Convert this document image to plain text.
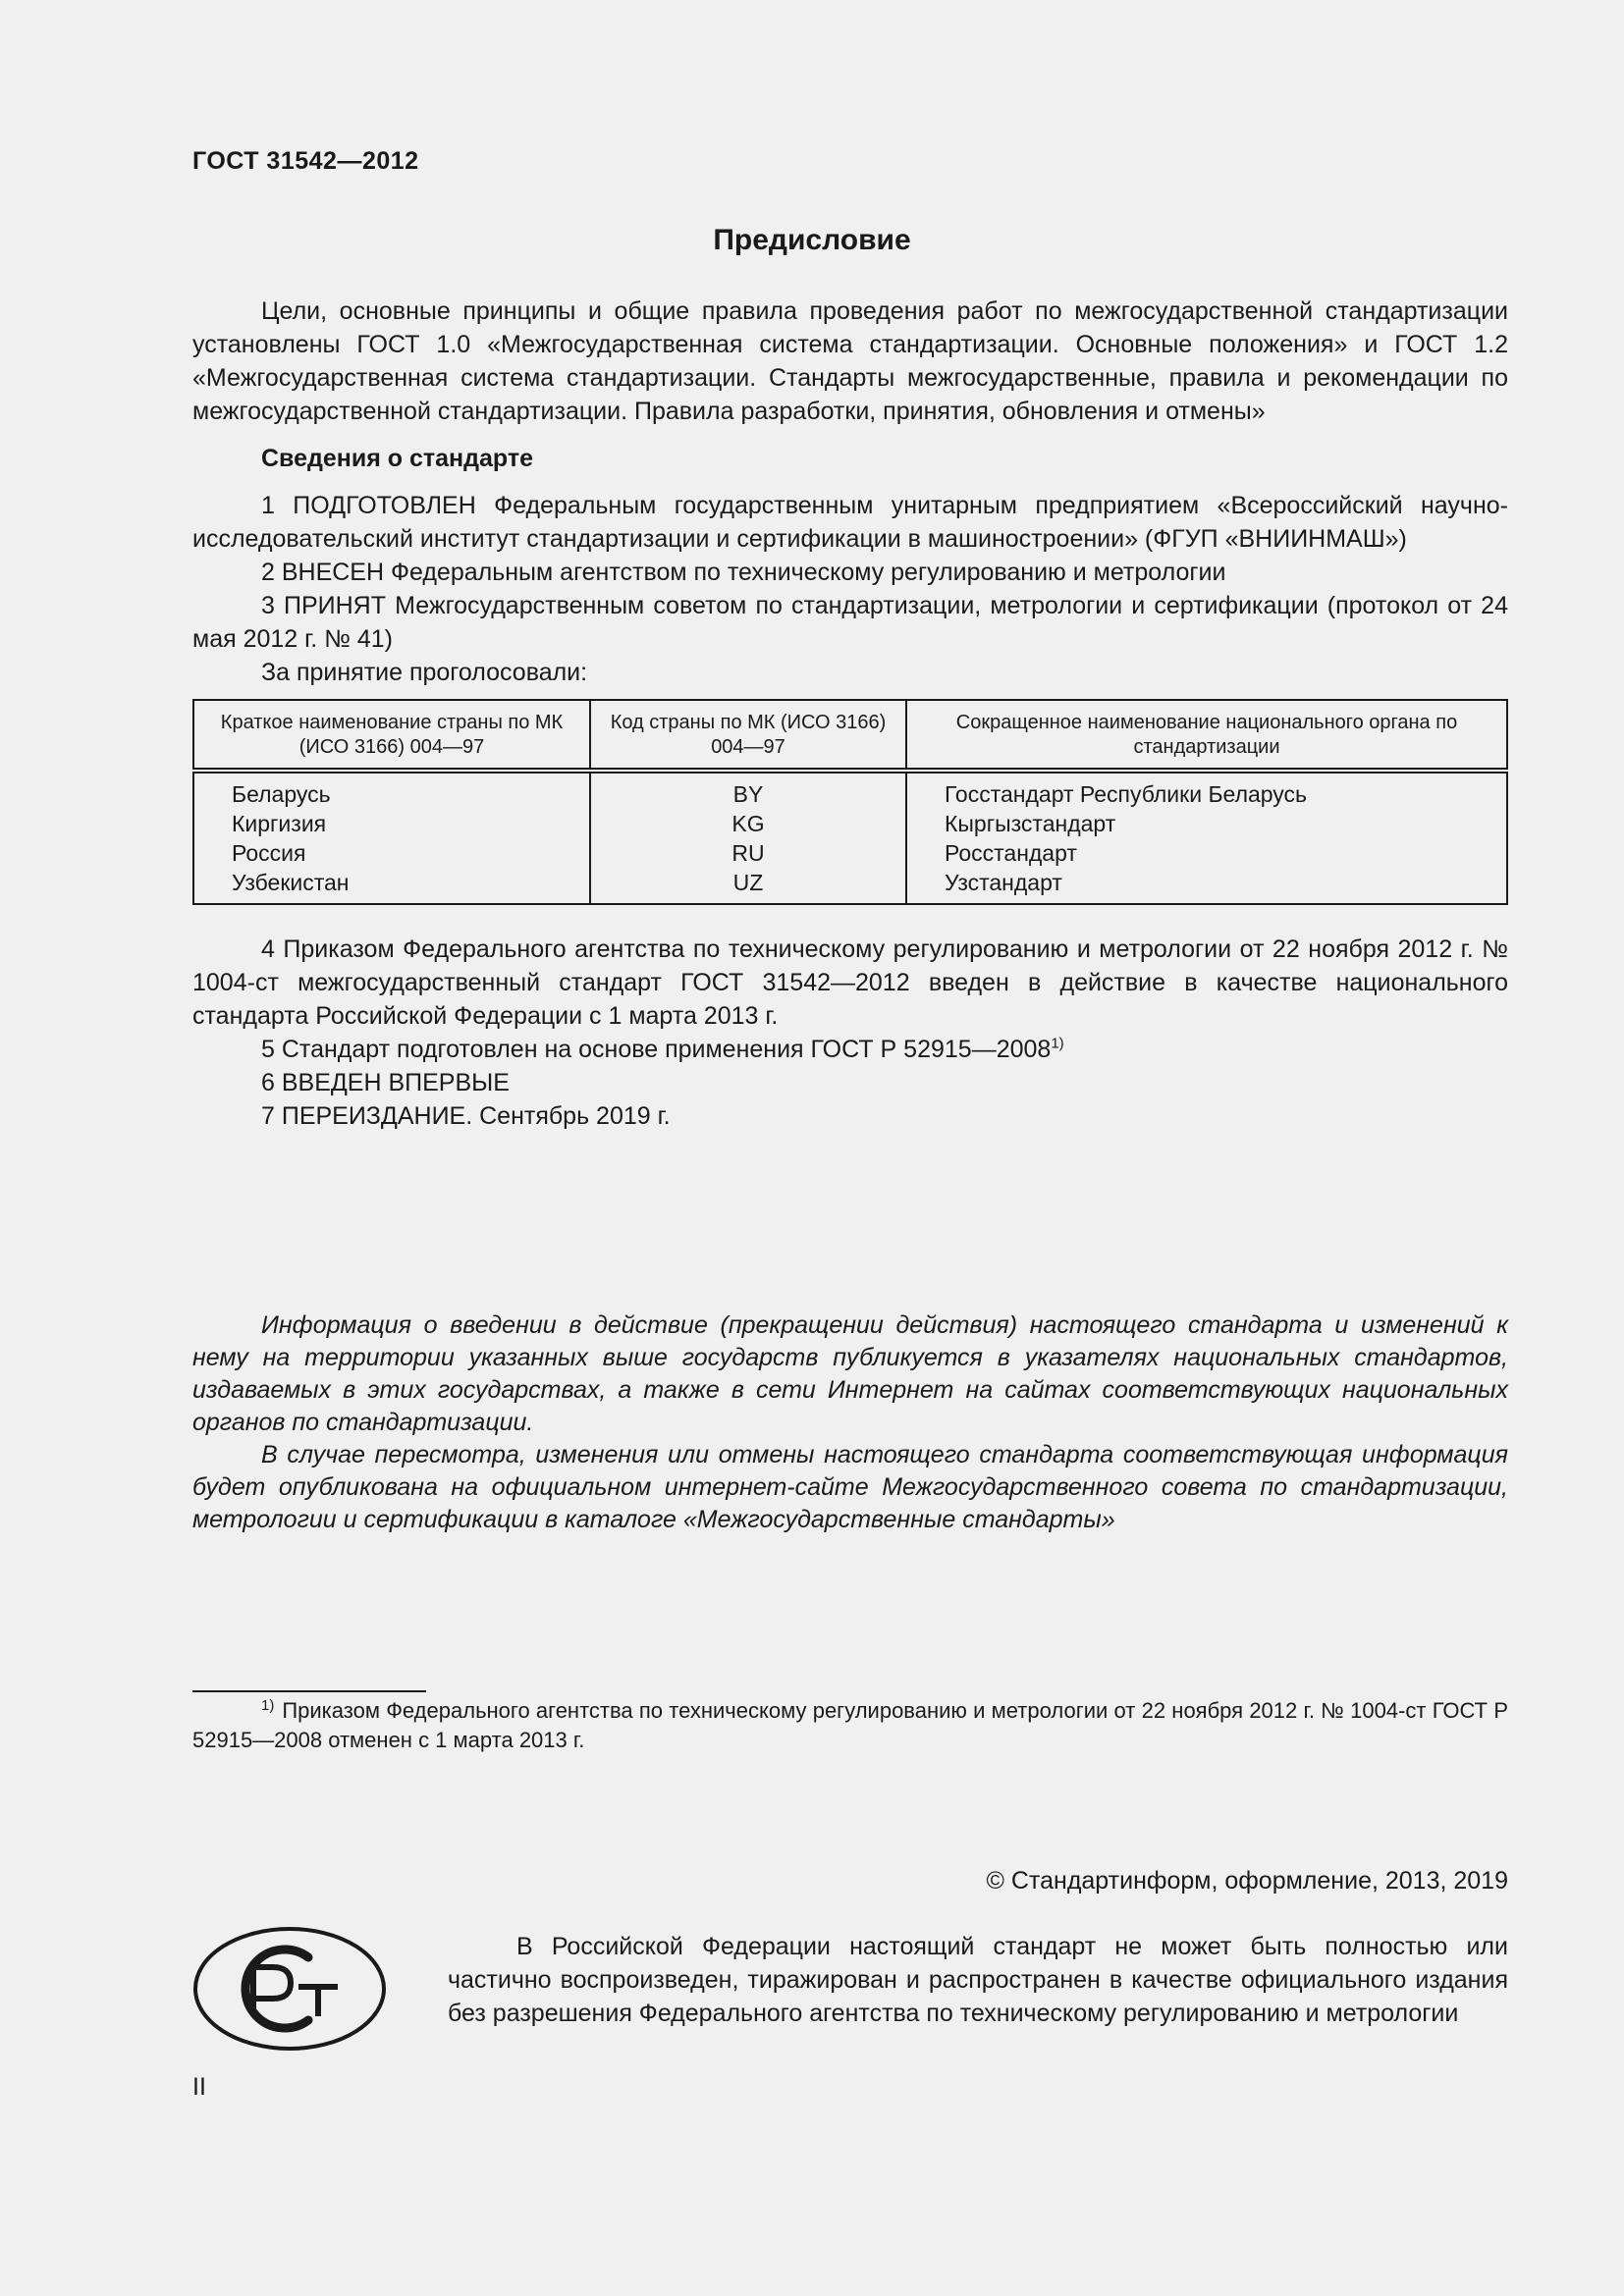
ГОСТ 31542—2012
Предисловие

Цели, основные принципы и общие правила проведения работ по межгосударственной стандартизации установлены ГОСТ 1.0 «Межгосударственная система стандартизации. Основные положения» и ГОСТ 1.2 «Межгосударственная система стандартизации. Стандарты межгосударственные, правила и рекомендации по межгосударственной стандартизации. Правила разработки, принятия, обновления и отмены»

Сведения о стандарте

1 ПОДГОТОВЛЕН Федеральным государственным унитарным предприятием «Всероссийский научно-исследовательский институт стандартизации и сертификации в машиностроении» (ФГУП «ВНИИНМАШ»)

2 ВНЕСЕН Федеральным агентством по техническому регулированию и метрологии

3 ПРИНЯТ Межгосударственным советом по стандартизации, метрологии и сертификации (протокол от 24 мая 2012 г. № 41)

За принятие проголосовали:

Краткое наименование страны по МК (ИСО 3166) 004—97	Код страны по МК (ИСО 3166) 004—97	Сокращенное наименование национального органа по стандартизации
Беларусь	BY	Госстандарт Республики Беларусь
Киргизия	KG	Кыргызстандарт
Россия	RU	Росстандарт
Узбекистан	UZ	Узстандарт

4 Приказом Федерального агентства по техническому регулированию и метрологии от 22 ноября 2012 г. № 1004-ст межгосударственный стандарт ГОСТ 31542—2012 введен в действие в качестве национального стандарта Российской Федерации с 1 марта 2013 г.

5 Стандарт подготовлен на основе применения ГОСТ Р 52915—2008$^{1)}$

6 ВВЕДЕН ВПЕРВЫЕ

7 ПЕРЕИЗДАНИЕ. Сентябрь 2019 г.

Информация о введении в действие (прекращении действия) настоящего стандарта и изменений к нему на территории указанных выше государств публикуется в указателях национальных стандартов, издаваемых в этих государствах, а также в сети Интернет на сайтах соответствующих национальных органов по стандартизации.

В случае пересмотра, изменения или отмены настоящего стандарта соответствующая информация будет опубликована на официальном интернет-сайте Межгосударственного совета по стандартизации, метрологии и сертификации в каталоге «Межгосударственные стандарты»

$^{1)}$ Приказом Федерального агентства по техническому регулированию и метрологии от 22 ноября 2012 г. № 1004-ст ГОСТ Р 52915—2008 отменен с 1 марта 2013 г.
© Стандартинформ, оформление, 2013, 2019
В Российской Федерации настоящий стандарт не может быть полностью или частично воспроизведен, тиражирован и распространен в качестве официального издания без разрешения Федерального агентства по техническому регулированию и метрологии
II
